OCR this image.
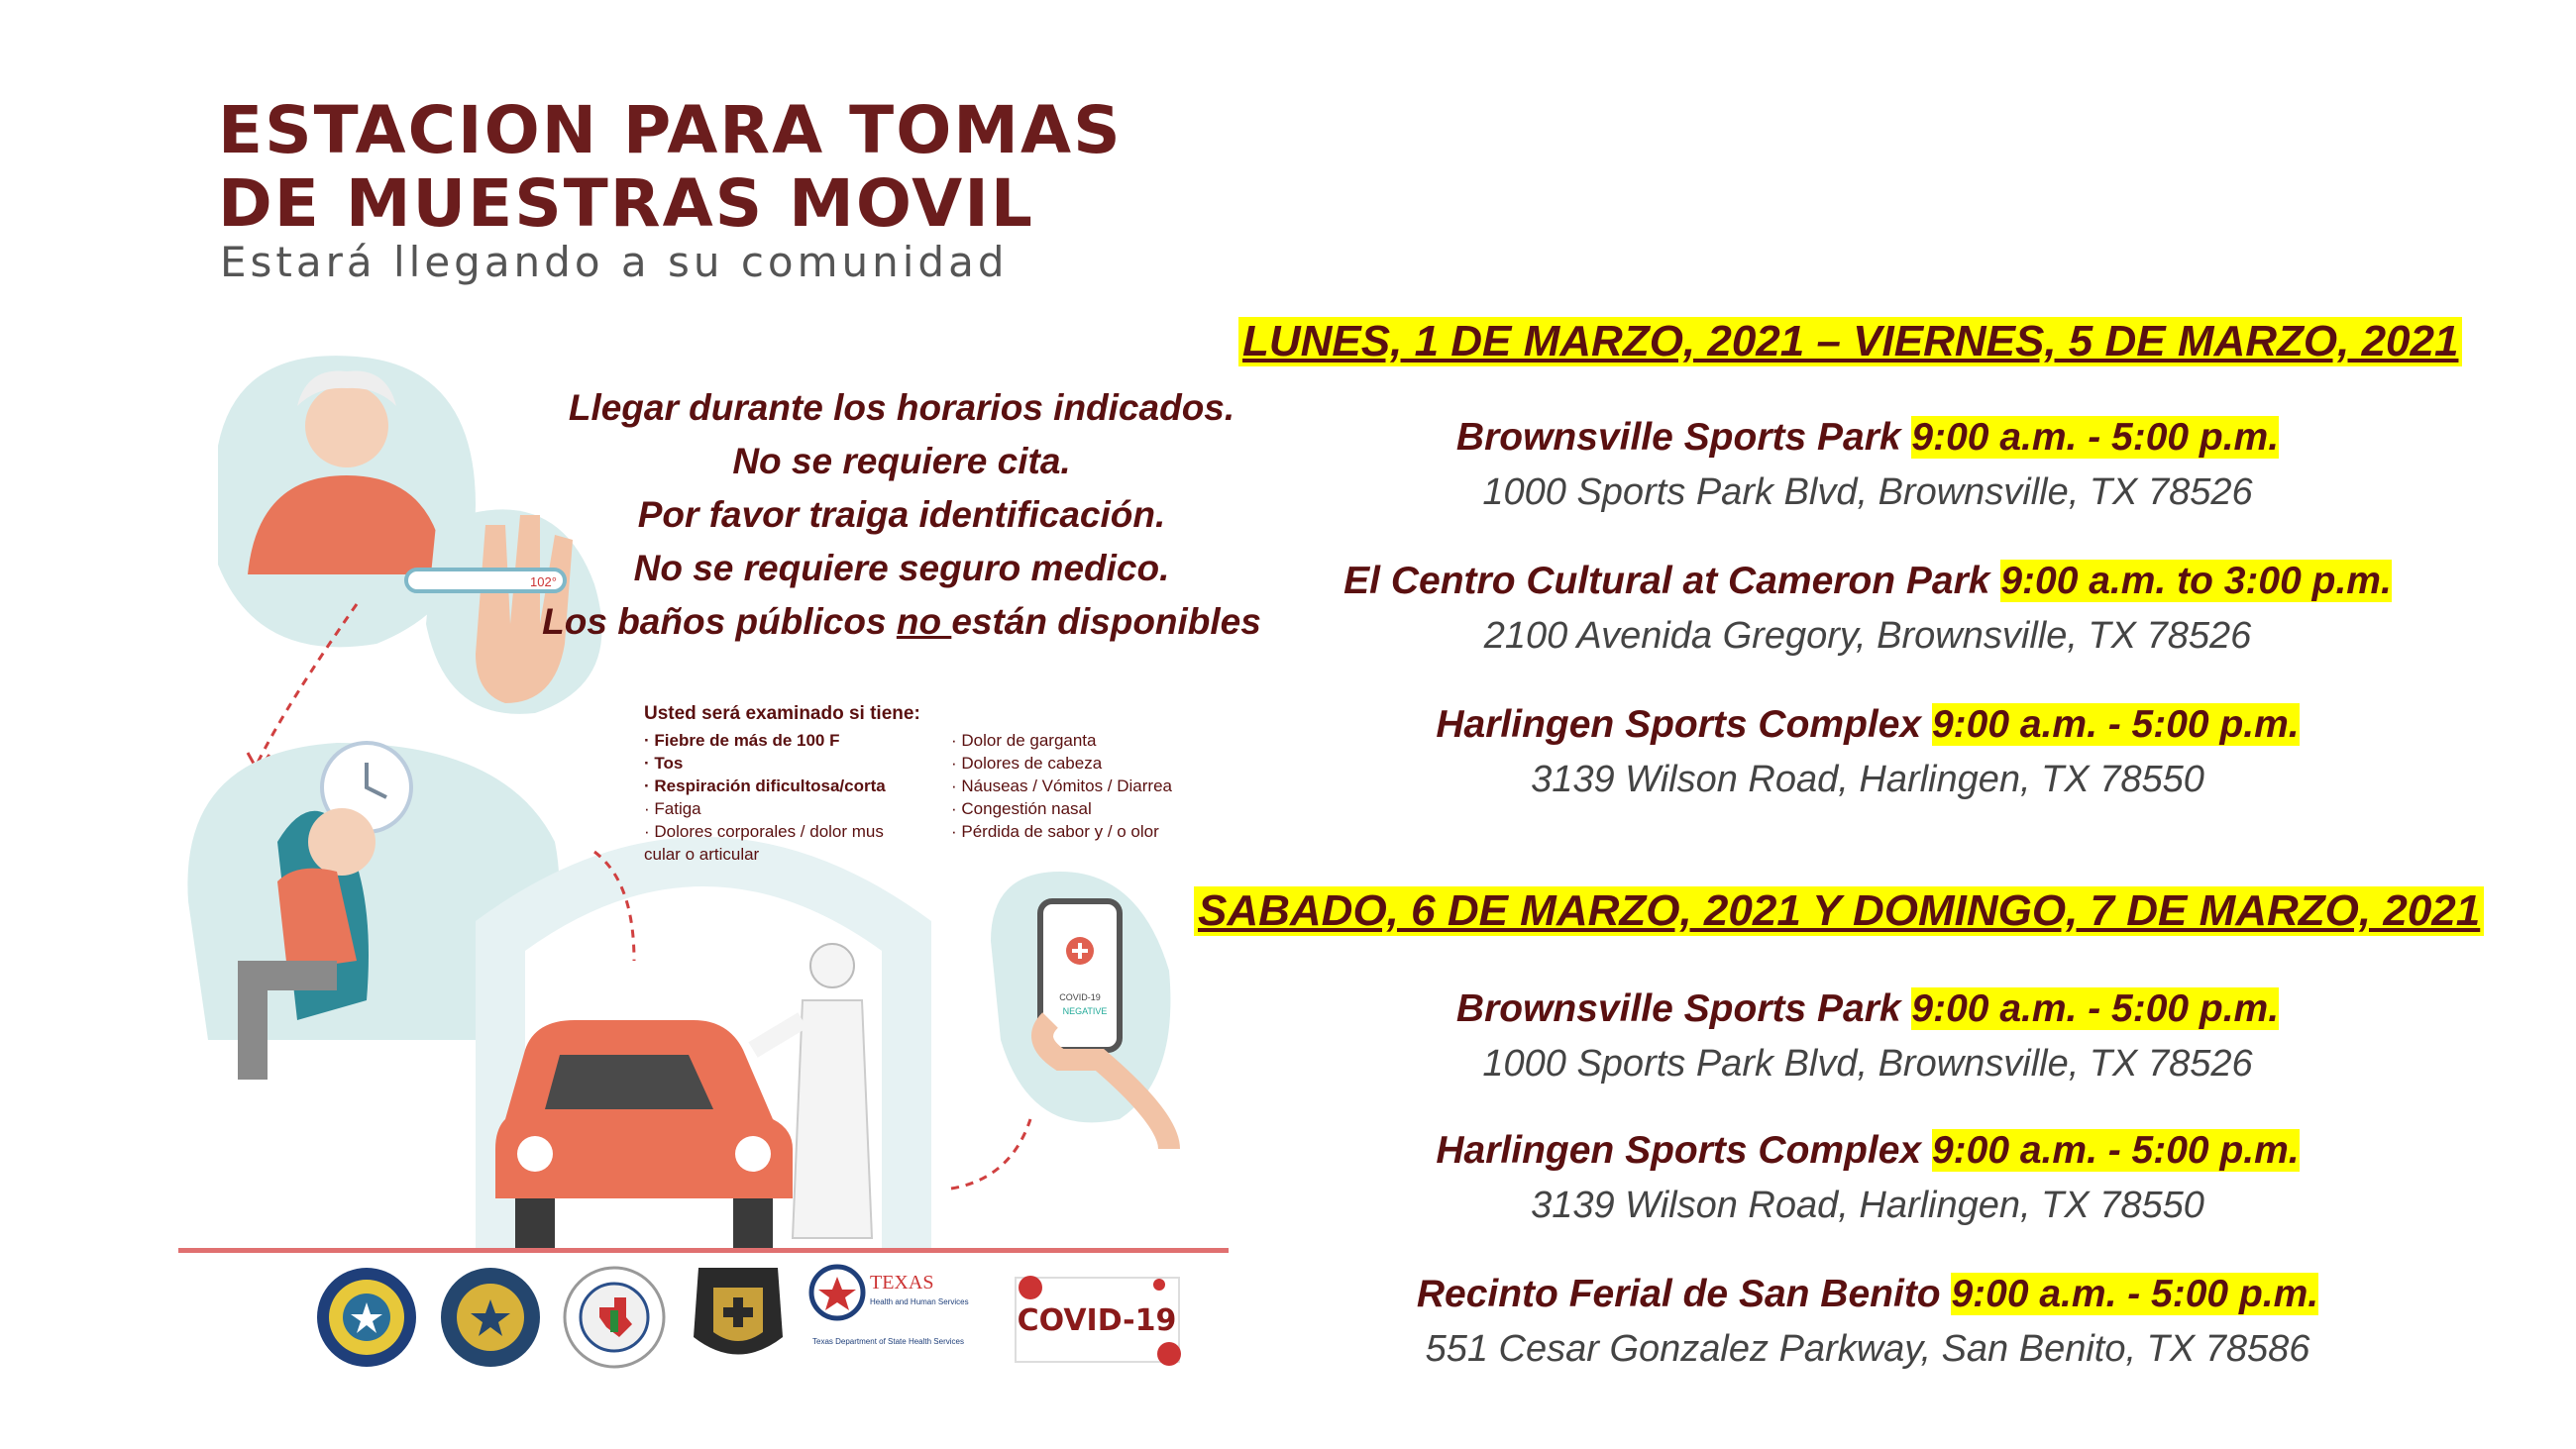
ESTACION PARA TOMAS
DE MUESTRAS MOVIL
Estará llegando a su comunidad
102°
COVID-19
NEGATIVE
Llegar durante los horarios indicados.
No se requiere cita.
Por favor traiga identificación.
No se requiere seguro medico.
Los baños públicos no están disponibles
Usted será examinado si tiene:
· Fiebre de más de 100 F
· Tos
· Respiración dificultosa/corta
· Fatiga
· Dolores corporales / dolor mus cular o articular
· Dolor de garganta
· Dolores de cabeza
· Náuseas / Vómitos / Diarrea
· Congestión nasal
· Pérdida de sabor y / o olor
TEXAS
Health and Human Services
Texas Department of State Health Services
COVID-19
LUNES, 1 DE MARZO, 2021 – VIERNES, 5 DE MARZO, 2021
Brownsville Sports Park 9:00 a.m. - 5:00 p.m.
1000 Sports Park Blvd, Brownsville, TX 78526
El Centro Cultural at Cameron Park 9:00 a.m. to 3:00 p.m.
2100 Avenida Gregory, Brownsville, TX 78526
Harlingen Sports Complex 9:00 a.m. - 5:00 p.m.
3139 Wilson Road, Harlingen, TX 78550
SABADO, 6 DE MARZO, 2021 Y DOMINGO, 7 DE MARZO, 2021
Brownsville Sports Park 9:00 a.m. - 5:00 p.m.
1000 Sports Park Blvd, Brownsville, TX 78526
Harlingen Sports Complex 9:00 a.m. - 5:00 p.m.
3139 Wilson Road, Harlingen, TX 78550
Recinto Ferial de San Benito 9:00 a.m. - 5:00 p.m.
551 Cesar Gonzalez Parkway, San Benito, TX 78586
